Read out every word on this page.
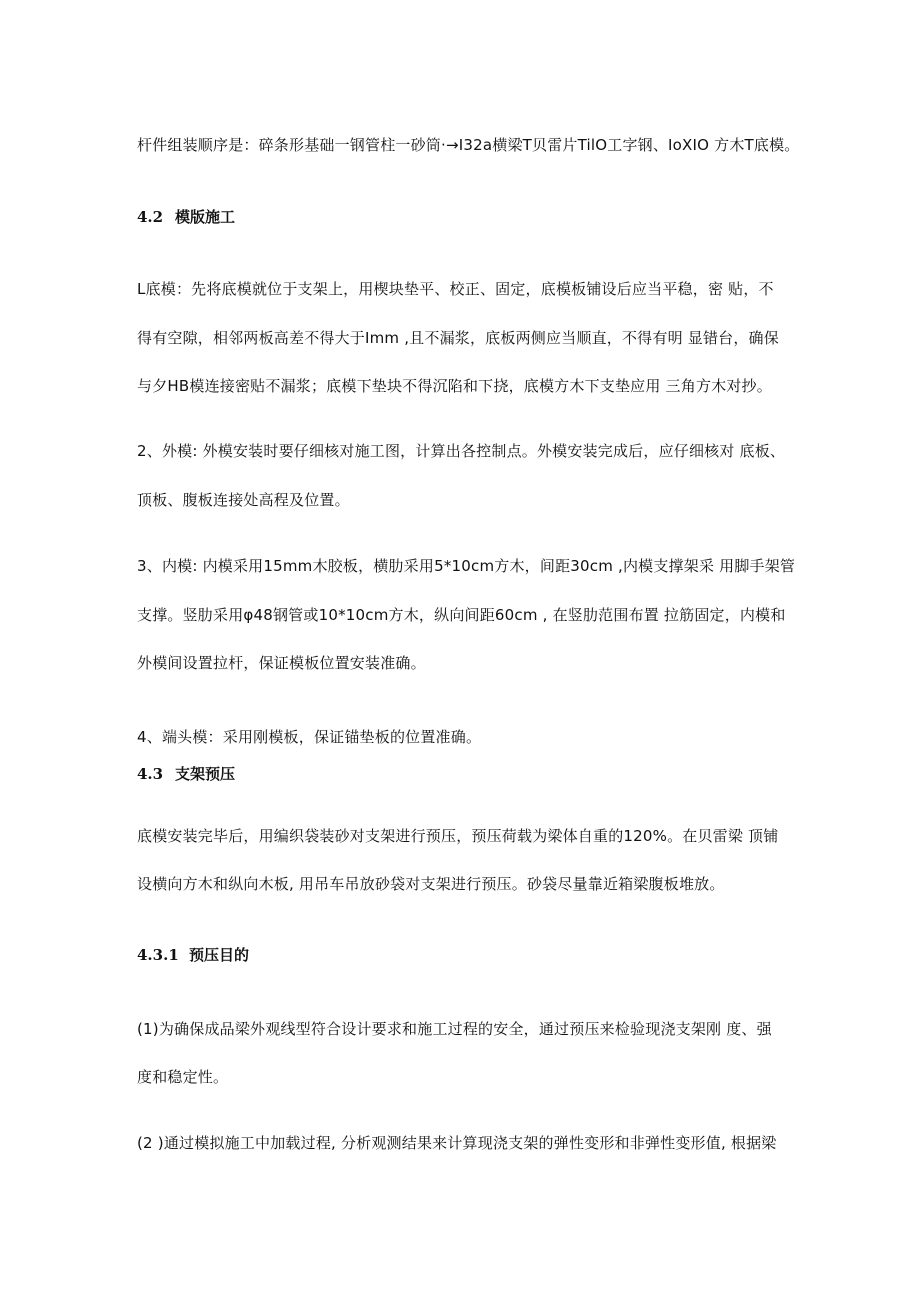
杆件组装顺序是：碎条形基础一钢管柱一砂筒·→I32a横梁T贝雷片TilO工字钢、IoXIO 方木T底模。
4.2 模版施工
L底模：先将底模就位于支架上，用楔块垫平、校正、固定，底模板铺设后应当平稳，密 贴，不
得有空隙，相邻两板高差不得大于Imm ,且不漏浆，底板两侧应当顺直，不得有明 显错台，确保
与夕HB模连接密贴不漏浆；底模下垫块不得沉陷和下挠，底模方木下支垫应用 三角方木对抄。
2、外模: 外模安装时要仔细核对施工图，计算出各控制点。外模安装完成后，应仔细核对 底板、
顶板、腹板连接处高程及位置。
3、内模: 内模采用15mm木胶板，横肋采用5*10cm方木，间距30cm ,内模支撑架采 用脚手架管
支撑。竖肋采用φ48钢管或10*10cm方木，纵向间距60cm , 在竖肋范围布置 拉筋固定，内模和
外模间设置拉杆，保证模板位置安装准确。
4、端头模：采用刚模板，保证锚垫板的位置准确。
4.3 支架预压
底模安装完毕后，用编织袋装砂对支架进行预压，预压荷载为梁体自重的120%。在贝雷梁 顶铺
设横向方木和纵向木板, 用吊车吊放砂袋对支架进行预压。砂袋尽量靠近箱梁腹板堆放。
4.3.1 预压目的
(1)为确保成品梁外观线型符合设计要求和施工过程的安全，通过预压来检验现浇支架刚 度、强
度和稳定性。
(2 )通过模拟施工中加载过程, 分析观测结果来计算现浇支架的弹性变形和非弹性变形值, 根据梁
